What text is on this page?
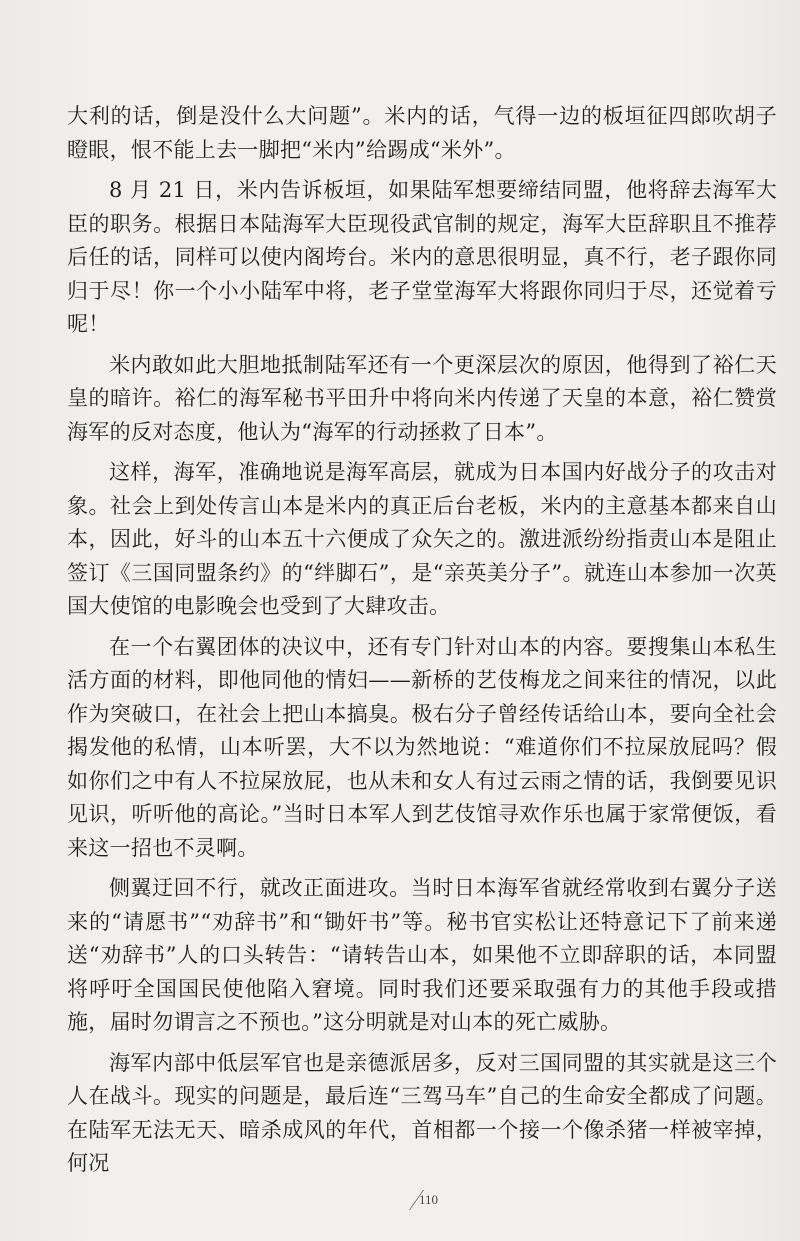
大利的话，倒是没什么大问题”。米内的话，气得一边的板垣征四郎吹胡子瞪眼，恨不能上去一脚把“米内”给踢成“米外”。

8 月 21 日，米内告诉板垣，如果陆军想要缔结同盟，他将辞去海军大臣的职务。根据日本陆海军大臣现役武官制的规定，海军大臣辞职且不推荐后任的话，同样可以使内阁垮台。米内的意思很明显，真不行，老子跟你同归于尽！你一个小小陆军中将，老子堂堂海军大将跟你同归于尽，还觉着亏呢！

米内敢如此大胆地抵制陆军还有一个更深层次的原因，他得到了裕仁天皇的暗许。裕仁的海军秘书平田升中将向米内传递了天皇的本意，裕仁赞赏海军的反对态度，他认为“海军的行动拯救了日本”。

这样，海军，准确地说是海军高层，就成为日本国内好战分子的攻击对象。社会上到处传言山本是米内的真正后台老板，米内的主意基本都来自山本，因此，好斗的山本五十六便成了众矢之的。激进派纷纷指责山本是阻止签订《三国同盟条约》的“绊脚石”，是“亲英美分子”。就连山本参加一次英国大使馆的电影晚会也受到了大肆攻击。

在一个右翼团体的决议中，还有专门针对山本的内容。要搜集山本私生活方面的材料，即他同他的情妇——新桥的艺伎梅龙之间来往的情况，以此作为突破口，在社会上把山本搞臭。极右分子曾经传话给山本，要向全社会揭发他的私情，山本听罢，大不以为然地说：“难道你们不拉屎放屁吗？假如你们之中有人不拉屎放屁，也从未和女人有过云雨之情的话，我倒要见识见识，听听他的高论。”当时日本军人到艺伎馆寻欢作乐也属于家常便饭，看来这一招也不灵啊。

侧翼迂回不行，就改正面进攻。当时日本海军省就经常收到右翼分子送来的“请愿书”“劝辞书”和“锄奸书”等。秘书官实松让还特意记下了前来递送“劝辞书”人的口头转告：“请转告山本，如果他不立即辞职的话，本同盟将呼吁全国国民使他陷入窘境。同时我们还要采取强有力的其他手段或措施，届时勿谓言之不预也。”这分明就是对山本的死亡威胁。

海军内部中低层军官也是亲德派居多，反对三国同盟的其实就是这三个人在战斗。现实的问题是，最后连“三驾马车”自己的生命安全都成了问题。在陆军无法无天、暗杀成风的年代，首相都一个接一个像杀猪一样被宰掉，何况

110
